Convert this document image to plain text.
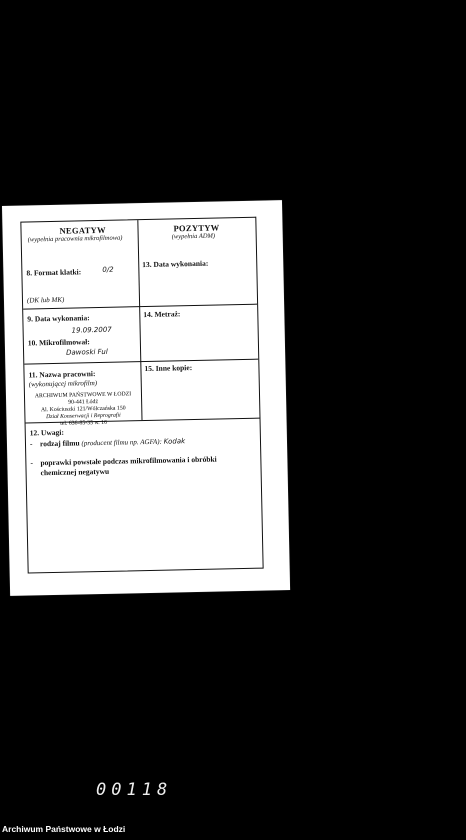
NEGATYW
(wypełnia pracownia mikrofilmowa)
POZYTYW
(wypełnia ADM)
8. Format klatki:	0/2
13. Data wykonania:
(DK lub MK)
9. Data wykonania:
19.09.2007
14. Metraż:
10. Mikrofilmował:
Dawoski Ful
11. Nazwa pracowni:
(wykonującej mikrofilm)
15. Inne kopie:
ARCHIWUM PAŃSTWOWE W ŁODZI
90-441 Łódź
Al. Kościuszki 121/Wólczańska 150
Dział Konserwacji i Reprografii
tel. 636-85-35 w. 16
12. Uwagi:
- rodzaj filmu (producent filmu np. AGFA): Kodak
- poprawki powstałe podczas mikrofilmowania i obróbki
chemicznej negatywu
00118
Archiwum Państwowe w Łodzi
